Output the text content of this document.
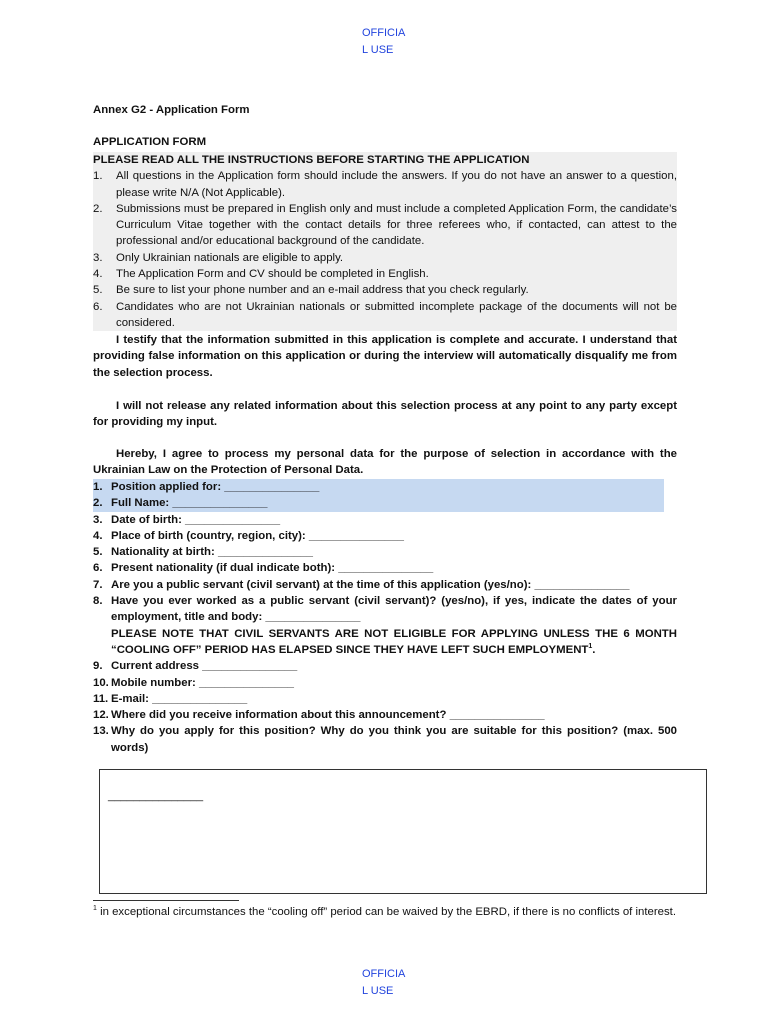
OFFICIA
L USE
Annex G2 - Application Form
APPLICATION FORM
PLEASE READ ALL THE INSTRUCTIONS BEFORE STARTING THE APPLICATION
1.	All questions in the Application form should include the answers. If you do not have an answer to a question, please write N/A (Not Applicable).
2.	Submissions must be prepared in English only and must include a completed Application Form, the candidate’s Curriculum Vitae together with the contact details for three referees who, if contacted, can attest to the professional and/or educational background of the candidate.
3.	Only Ukrainian nationals are eligible to apply.
4.	The Application Form and CV should be completed in English.
5.	Be sure to list your phone number and an e-mail address that you check regularly.
6.	Candidates who are not Ukrainian nationals or submitted incomplete package of the documents will not be considered.
I testify that the information submitted in this application is complete and accurate. I understand that providing false information on this application or during the interview will automatically disqualify me from the selection process.
I will not release any related information about this selection process at any point to any party except for providing my input.
Hereby, I agree to process my personal data for the purpose of selection in accordance with the Ukrainian Law on the Protection of Personal Data.
1. Position applied for: _______________
2. Full Name: _______________
3. Date of birth: _______________
4. Place of birth (country, region, city): _______________
5. Nationality at birth: _______________
6. Present nationality (if dual indicate both): _______________
7. Are you a public servant (civil servant) at the time of this application (yes/no): _______________
8. Have you ever worked as a public servant (civil servant)? (yes/no), if yes, indicate the dates of your employment, title and body: _______________
PLEASE NOTE THAT CIVIL SERVANTS ARE NOT ELIGIBLE FOR APPLYING UNLESS THE 6 MONTH “COOLING OFF” PERIOD HAS ELAPSED SINCE THEY HAVE LEFT SUCH EMPLOYMENT$^1$.
9. Current address _______________
10. Mobile number: _______________
11. E-mail: _______________
12. Where did you receive information about this announcement? _______________
13. Why do you apply for this position? Why do you think you are suitable for this position? (max. 500 words)
_______________
$^1$ in exceptional circumstances the “cooling off” period can be waived by the EBRD, if there is no conflicts of interest.
OFFICIA
L USE
